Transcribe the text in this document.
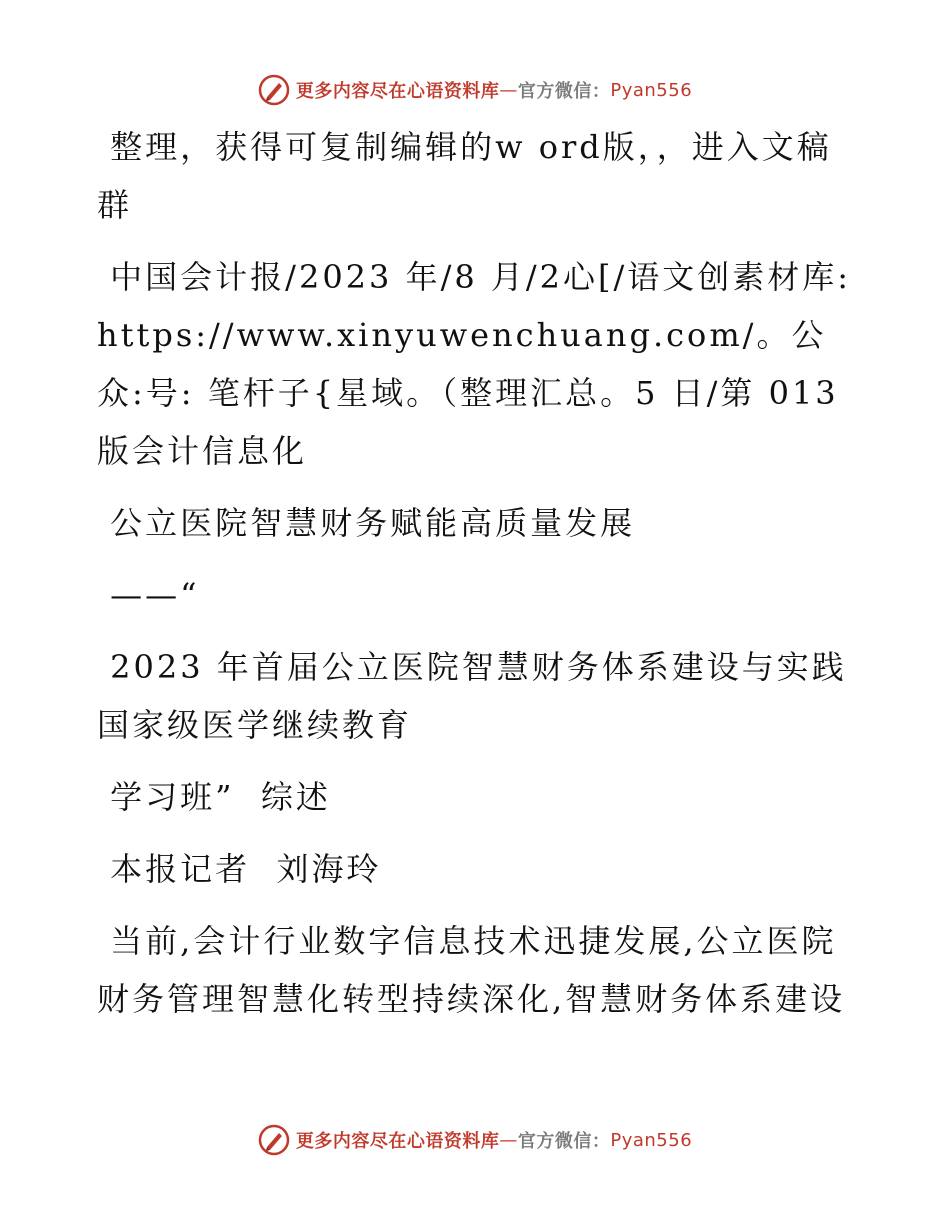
更多内容尽在心语资料库 — 官方微信： Pyan556

整理，获得可复制编辑的w ord版，，进入文稿群

中国会计报/2023 年/8 月/2心[/语文创素材库: https://www.xinyuwenchuang.com/。公众:号: 笔杆子{星域。（整理汇总。5 日/第 013 版会计信息化

公立医院智慧财务赋能高质量发展

——“

2023 年首届公立医院智慧财务体系建设与实践国家级医学继续教育

学习班”  综述

本报记者  刘海玲

当前,会计行业数字信息技术迅捷发展,公立医院财务管理智慧化转型持续深化,智慧财务体系建设

更多内容尽在心语资料库 — 官方微信： Pyan556
